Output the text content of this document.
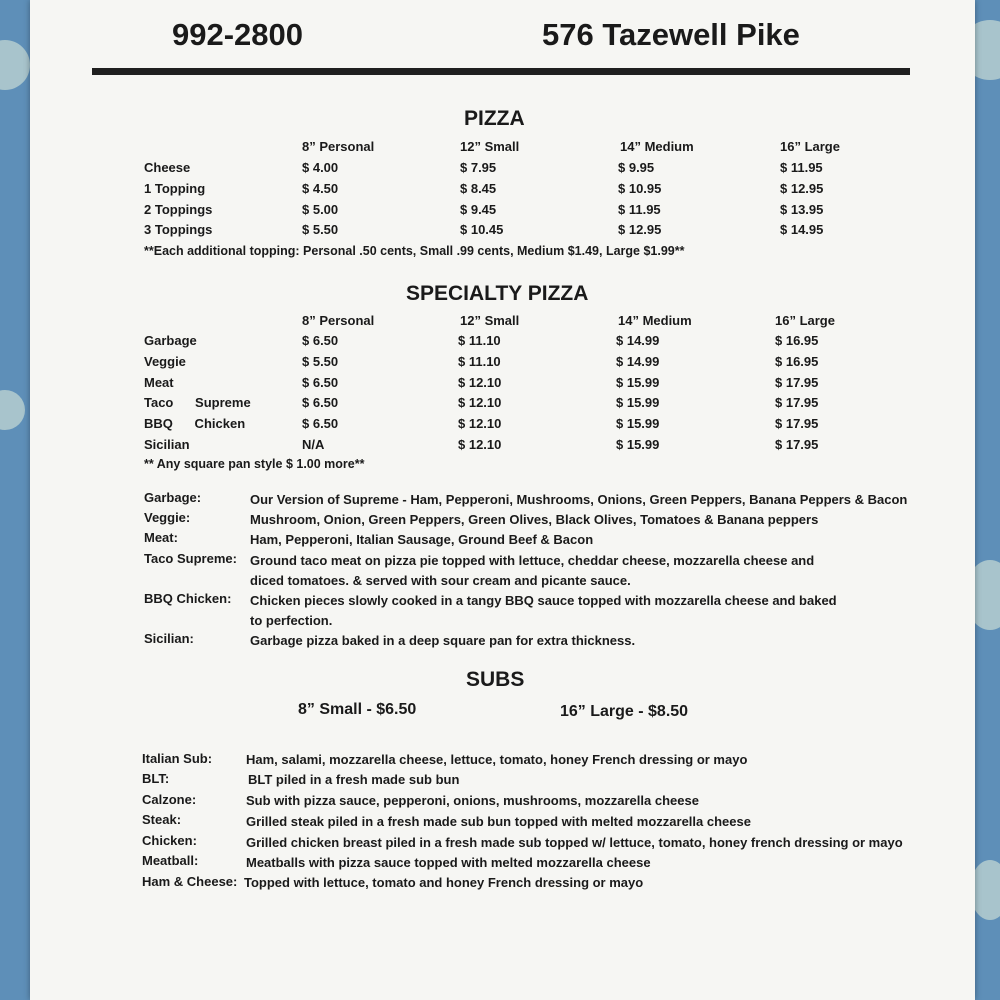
992-2800	576 Tazewell Pike
PIZZA
8” Personal	12” Small	14” Medium	16” Large
Cheese	$ 4.00	$ 7.95	$ 9.95	$ 11.95
1 Topping	$ 4.50	$ 8.45	$ 10.95	$ 12.95
2 Toppings	$ 5.00	$ 9.45	$ 11.95	$ 13.95
3 Toppings	$ 5.50	$ 10.45	$ 12.95	$ 14.95
**Each additional topping: Personal .50 cents, Small .99 cents, Medium $1.49, Large $1.99**
SPECIALTY PIZZA
8” Personal	12” Small	14” Medium	16” Large
Garbage	$ 6.50	$ 11.10	$ 14.99	$ 16.95
Veggie	$ 5.50	$ 11.10	$ 14.99	$ 16.95
Meat	$ 6.50	$ 12.10	$ 15.99	$ 17.95
Taco      Supreme	$ 6.50	$ 12.10	$ 15.99	$ 17.95
BBQ      Chicken	$ 6.50	$ 12.10	$ 15.99	$ 17.95
Sicilian	N/A	$ 12.10	$ 15.99	$ 17.95
** Any square pan style $ 1.00 more**
Garbage:	Our Version of Supreme - Ham, Pepperoni, Mushrooms, Onions, Green Peppers, Banana Peppers & Bacon
Veggie:	Mushroom, Onion, Green Peppers, Green Olives, Black Olives, Tomatoes & Banana peppers
Meat:	Ham, Pepperoni, Italian Sausage, Ground Beef & Bacon
Taco Supreme: Ground taco meat on pizza pie topped with lettuce, cheddar cheese, mozzarella cheese and diced tomatoes. & served with sour cream and picante sauce.
BBQ Chicken: Chicken pieces slowly cooked in a tangy BBQ sauce topped with mozzarella cheese and baked to perfection.
Sicilian:	Garbage pizza baked in a deep square pan for extra thickness.
SUBS
8” Small - $6.50	16” Large - $8.50
Italian Sub:	Ham, salami, mozzarella cheese, lettuce, tomato, honey French dressing or mayo
BLT:	BLT piled in a fresh made sub bun
Calzone:	Sub with pizza sauce, pepperoni, onions, mushrooms, mozzarella cheese
Steak:	Grilled steak piled in a fresh made sub bun topped with melted mozzarella cheese
Chicken:	Grilled chicken breast piled in a fresh made sub topped w/ lettuce, tomato, honey french dressing or mayo
Meatball:	Meatballs with pizza sauce topped with melted mozzarella cheese
Ham & Cheese: Topped with lettuce, tomato and honey French dressing or mayo
